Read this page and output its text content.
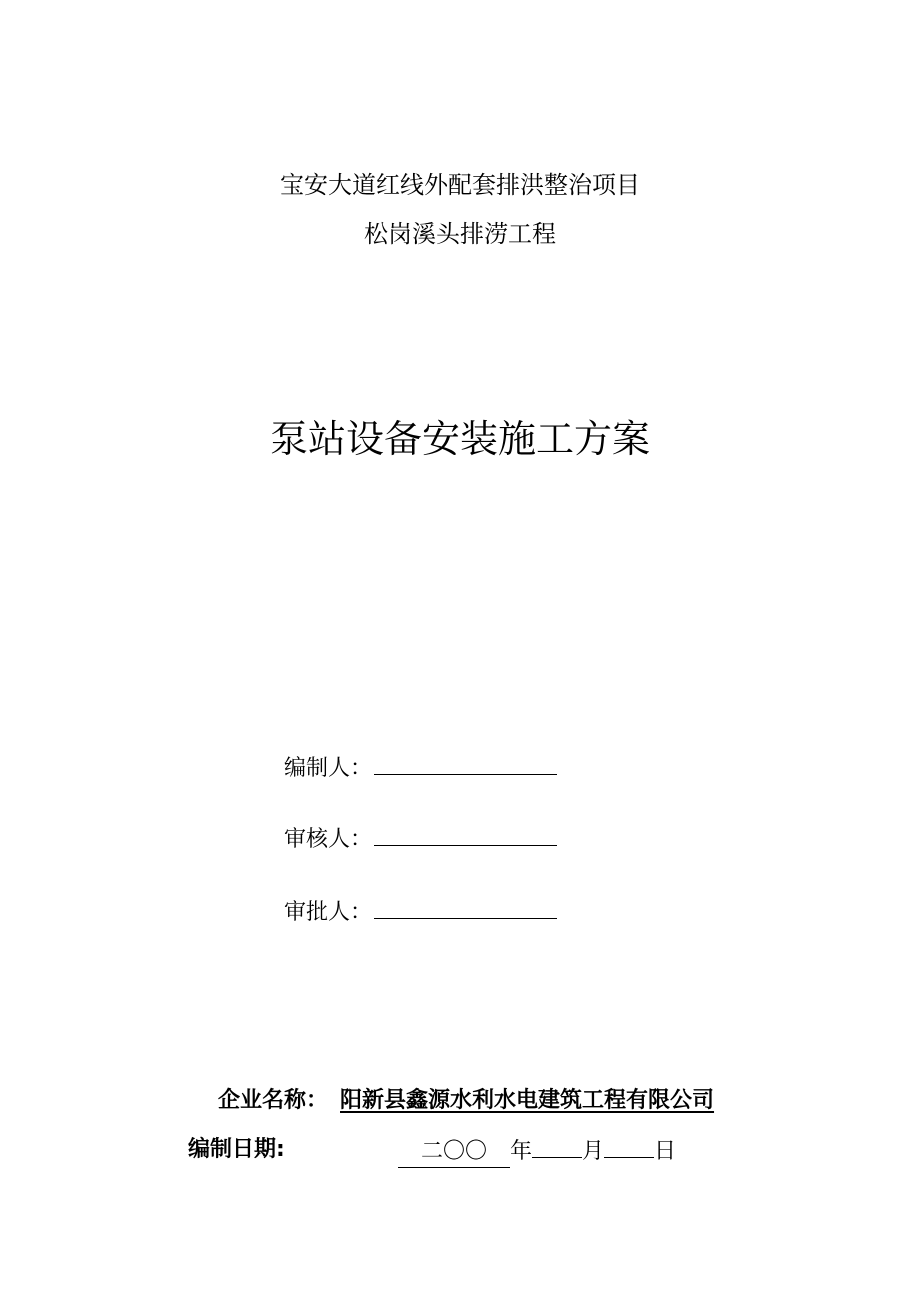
宝安大道红线外配套排洪整治项目
松岗溪头排涝工程
泵站设备安装施工方案
编制人：
审核人：
审批人：
企业名称： 阳新县鑫源水利水电建筑工程有限公司
编制日期:	二〇〇 年 月 日
